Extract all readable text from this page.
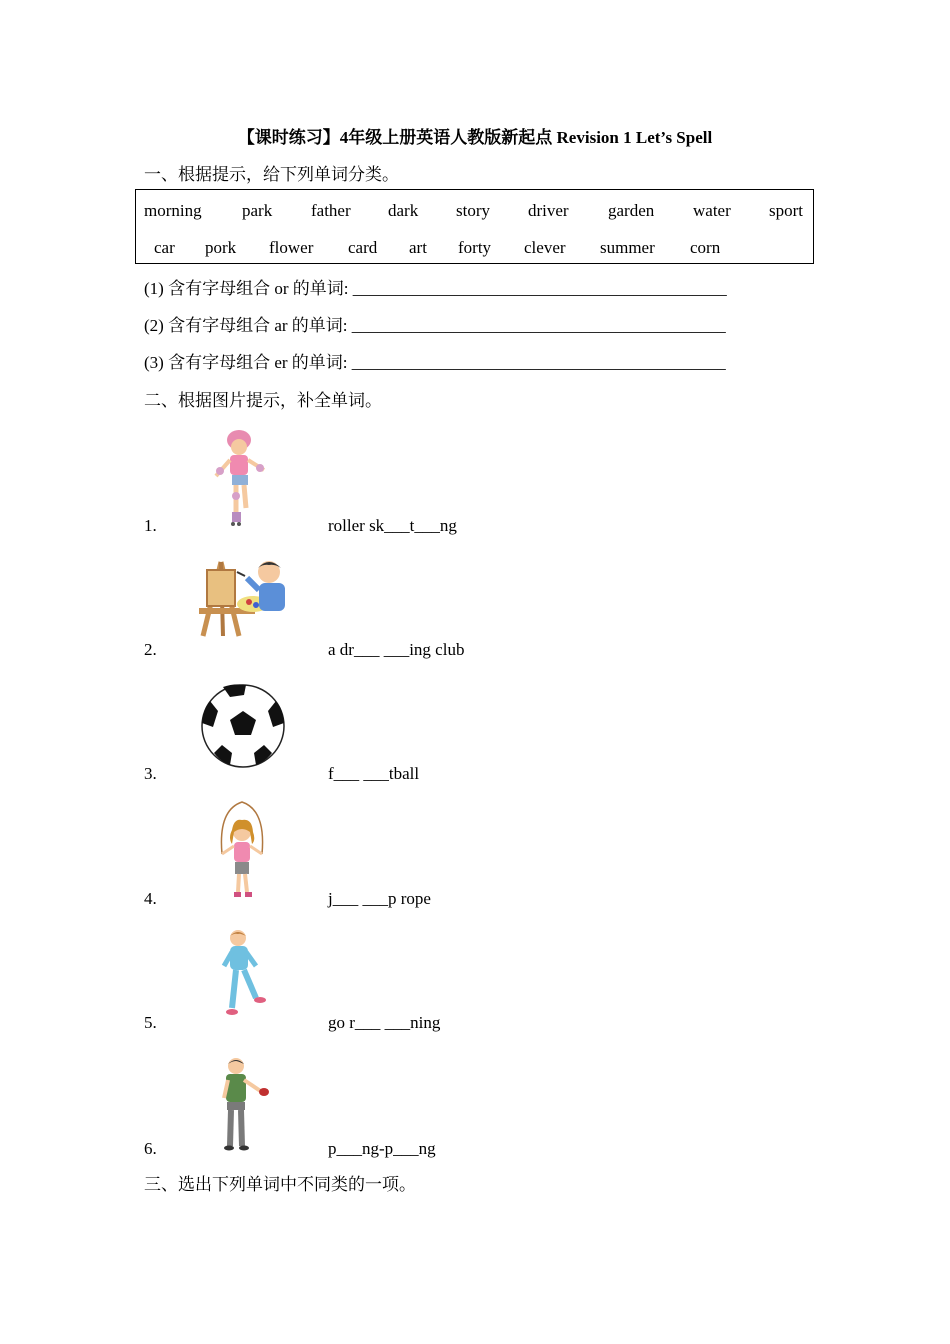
【课时练习】4年级上册英语人教版新起点 Revision 1 Let’s Spell
一、根据提示，给下列单词分类。
morning park father dark story driver garden water sport
car pork flower card art forty clever summer corn
(1) 含有字母组合 or 的单词: ____________________________________________
(2) 含有字母组合 ar 的单词: ____________________________________________
(3) 含有字母组合 er 的单词: ____________________________________________
二、根据图片提示，补全单词。
1.	roller sk___t___ng
2.	a dr___ ___ing club
3.	f___ ___tball
4.	j___ ___p rope
5.	go r___ ___ning
6.	p___ng-p___ng
三、选出下列单词中不同类的一项。
